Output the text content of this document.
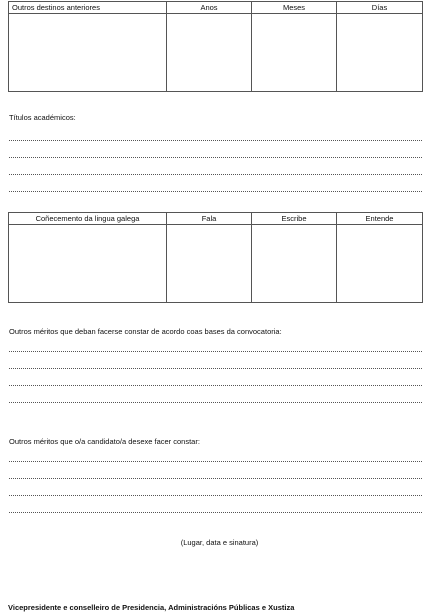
Outros destinos anteriores	Anos	Meses	Días

Títulos académicos:
Coñecemento da lingua galega	Fala	Escribe	Entende

Outros méritos que deban facerse constar de acordo coas bases da convocatoria:
Outros méritos que o/a candidato/a desexe facer constar:
(Lugar, data e sinatura)
Vicepresidente e conselleiro de Presidencia, Administracións Públicas e Xustiza
